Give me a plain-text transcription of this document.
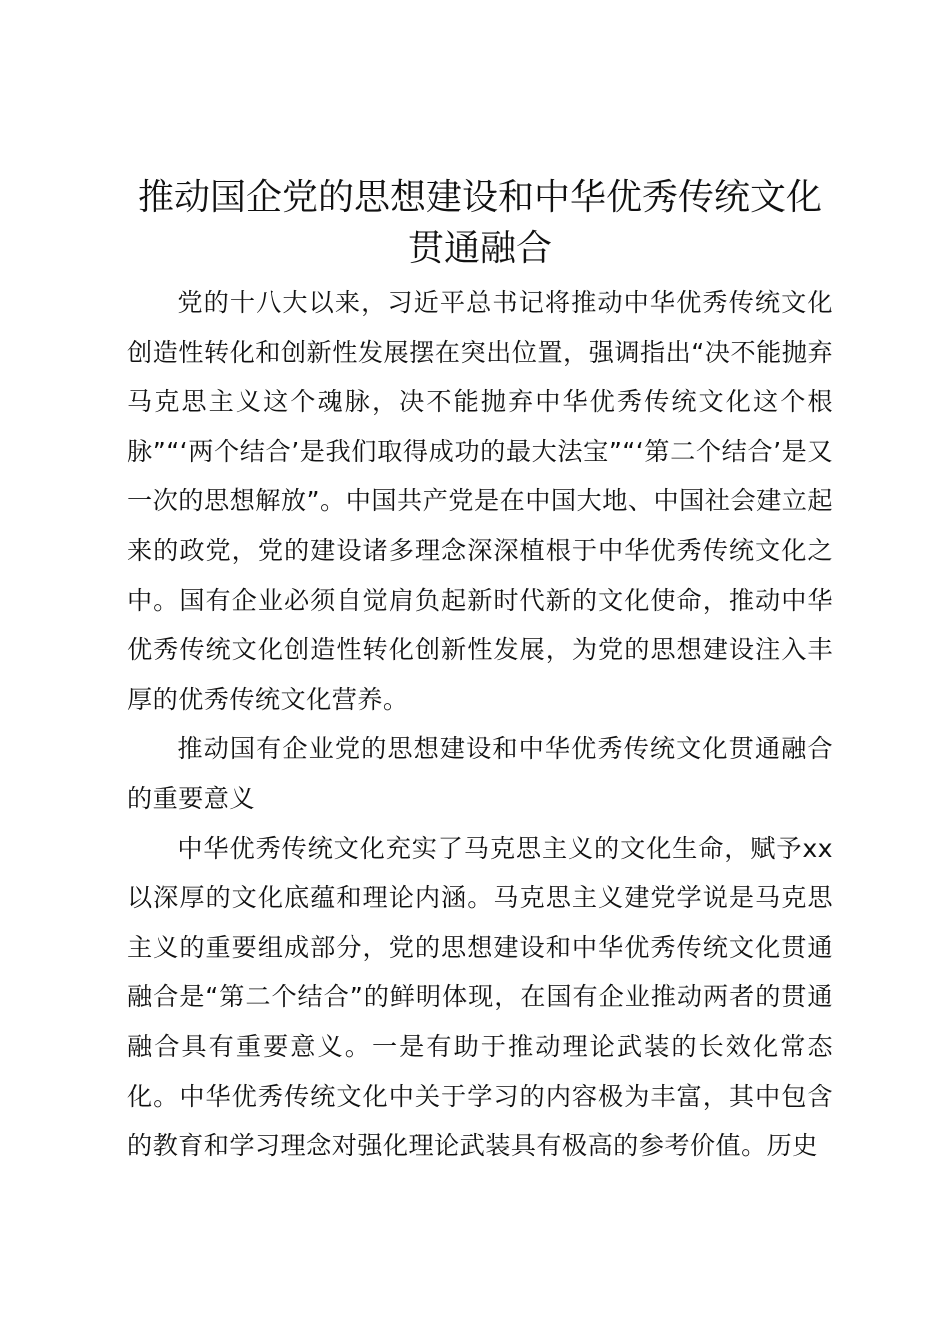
推动国企党的思想建设和中华优秀传统文化贯通融合

党的十八大以来，习近平总书记将推动中华优秀传统文化创造性转化和创新性发展摆在突出位置，强调指出“决不能抛弃马克思主义这个魂脉，决不能抛弃中华优秀传统文化这个根脉”“‘两个结合’是我们取得成功的最大法宝”“‘第二个结合’是又一次的思想解放”。中国共产党是在中国大地、中国社会建立起来的政党，党的建设诸多理念深深植根于中华优秀传统文化之中。国有企业必须自觉肩负起新时代新的文化使命，推动中华优秀传统文化创造性转化创新性发展，为党的思想建设注入丰厚的优秀传统文化营养。

推动国有企业党的思想建设和中华优秀传统文化贯通融合的重要意义

中华优秀传统文化充实了马克思主义的文化生命，赋予xx以深厚的文化底蕴和理论内涵。马克思主义建党学说是马克思主义的重要组成部分，党的思想建设和中华优秀传统文化贯通融合是“第二个结合”的鲜明体现，在国有企业推动两者的贯通融合具有重要意义。一是有助于推动理论武装的长效化常态化。中华优秀传统文化中关于学习的内容极为丰富，其中包含的教育和学习理念对强化理论武装具有极高的参考价值。历史
